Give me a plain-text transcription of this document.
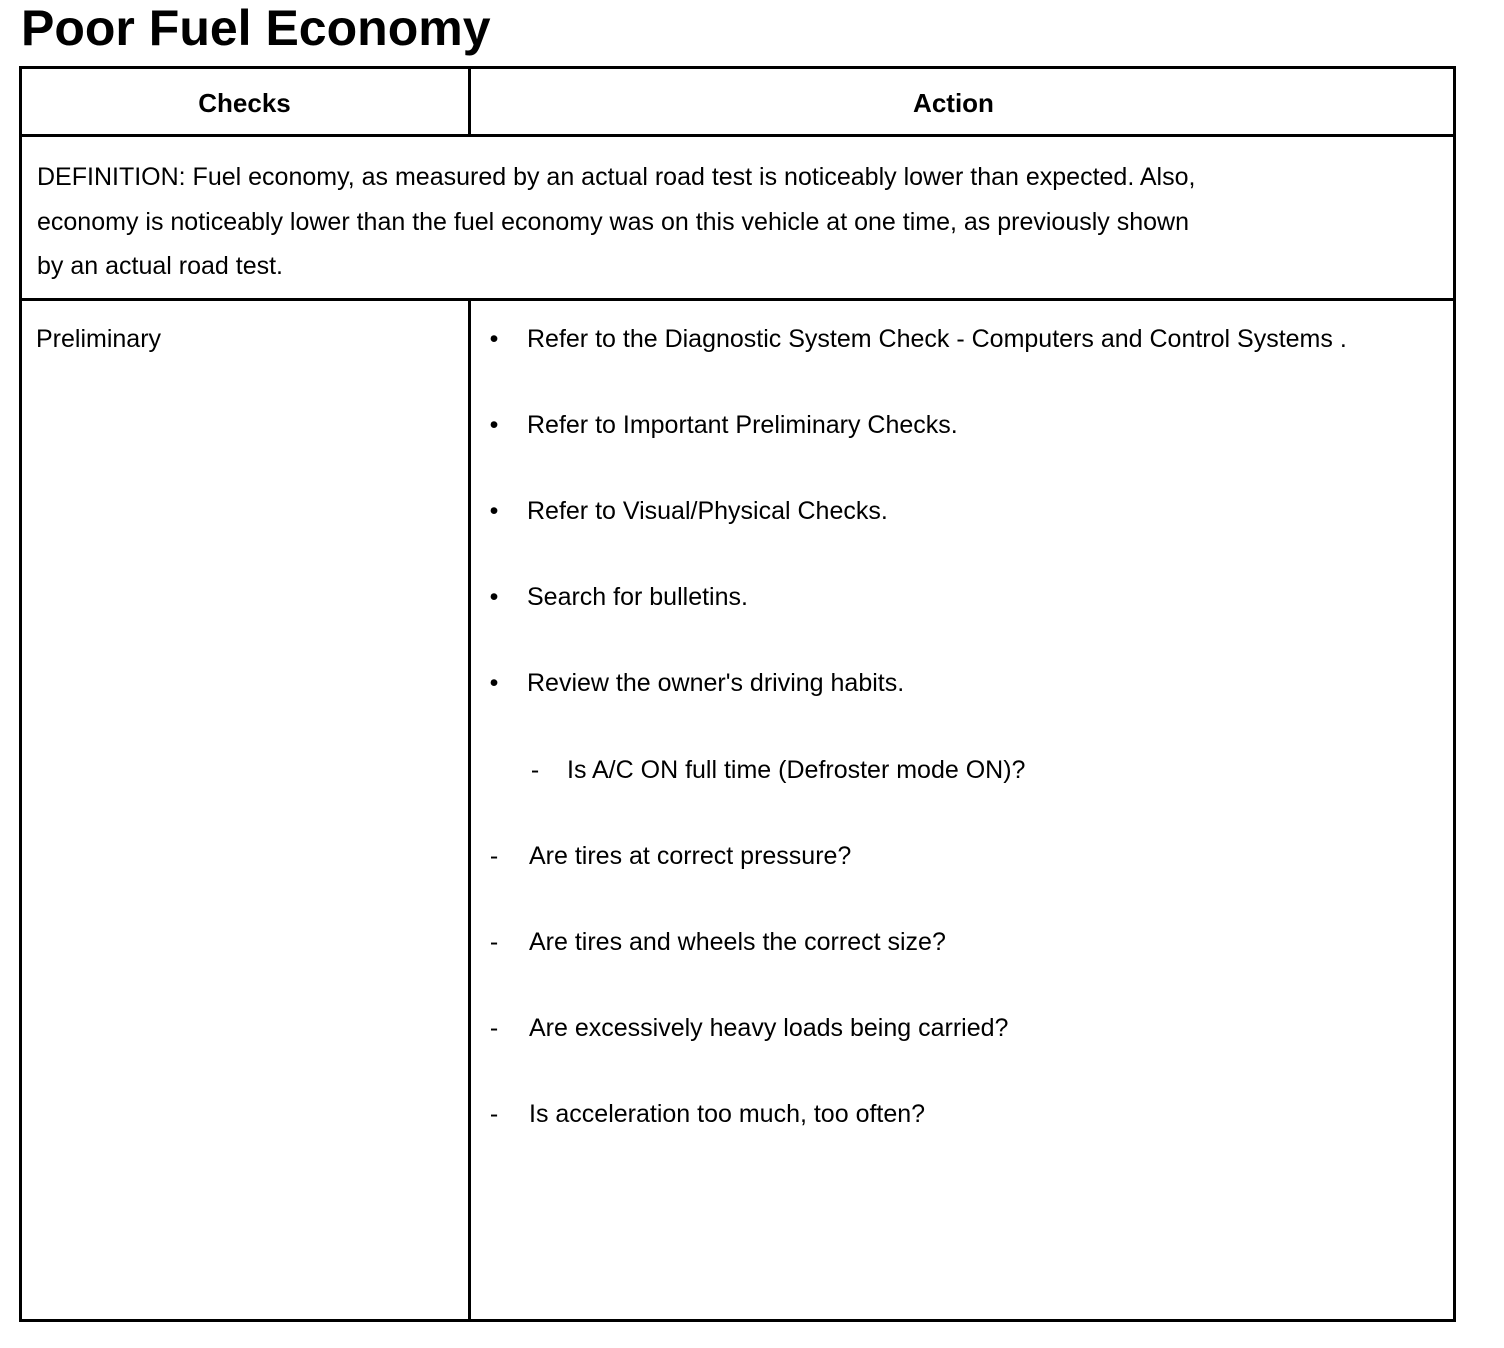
Poor Fuel Economy
Checks	Action
DEFINITION: Fuel economy, as measured by an actual road test is noticeably lower than expected. Also,
economy is noticeably lower than the fuel economy was on this vehicle at one time, as previously shown
by an actual road test.
Preliminary	• Refer to the Diagnostic System Check - Computers and Control Systems .
• Refer to Important Preliminary Checks.
• Refer to Visual/Physical Checks.
• Search for bulletins.
• Review the owner's driving habits.
- Is A/C ON full time (Defroster mode ON)?
- Are tires at correct pressure?
- Are tires and wheels the correct size?
- Are excessively heavy loads being carried?
- Is acceleration too much, too often?
